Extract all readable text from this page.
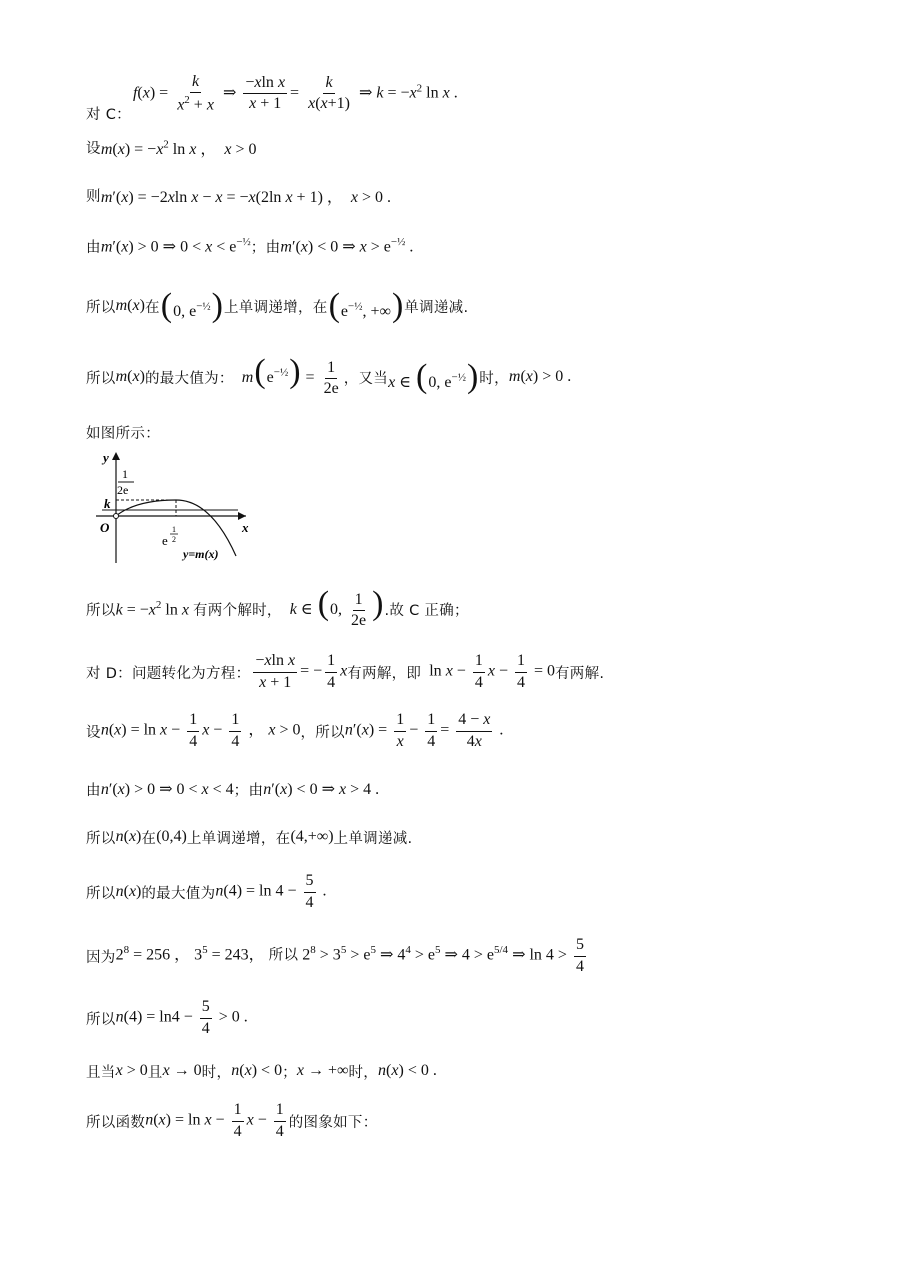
对 C：
$f(x) = \frac{k}{x^2 + x}$ ⇒ $\frac{\text{−xln x}}{x + 1} = \frac{k}{x(x+1)}$ ⇒ $k = -x^2$ ln x .
设 $m(x) = -x^2$ ln x ，  x > 0
则 m′(x) = −2xln x − x = −x(2ln x + 1) ，  x > 0 .
由 m′(x) > 0 ⇒ $0 < x < e^{-\frac{1}{2}}$ ；由 m′(x) < 0 ⇒ $x > e^{-\frac{1}{2}}$ .
所以 m(x) 在 (0, $e^{-\frac{1}{2}}$) 上单调递增，在 ($e^{-\frac{1}{2}}$, +∞) 单调递减.
所以 m(x) 的最大值为： $m(e^{-\frac{1}{2}}) = \frac{1}{2e}$ ，又当 x ∈ (0, $e^{-\frac{1}{2}}$) 时， m(x) > 0 .
如图所示：
y
x
O
k
1
2e
e
1
2
y=m(x)
所以 $k = -x^2$ ln x 有两个解时， k ∈ (0, $\frac{1}{2e}$ ) .故 C 正确；
对 D：问题转化为方程： $\frac{\text{−xln x}}{x + 1}$ = − $\frac{1}{4}$ x 有两解，即 $\ln x - \frac{1}{4}$ $x - \frac{1}{4} = 0$ 有两解.
设 $n(x) = \ln x - \frac{1}{4}$ $x - \frac{1}{4}$ ， x > 0 ，所以 $n'(x) = \frac{1}{x} - \frac{1}{4} = \frac{4 - x}{4x}$ .
由 n′(x) > 0 ⇒ 0 < x < 4 ；由 n′(x) < 0 ⇒ x > 4 .
所以 n(x) 在 (0,4) 上单调递增，在 (4,+∞) 上单调递减.
所以 n(x) 的最大值为 $n(4) = \ln 4 - \frac{5}{4}$ .
因为 $2^8 = 256$ ， $3^5 = 243$， 所以 $2^8 > 3^5 > e^5$ ⇒ $4^4 > e^5$ ⇒ $4 > e^{5/4}$ ⇒ $\ln 4 > \frac{5}{4}$
所以 $n(4) = \ln 4 - \frac{5}{4} > 0$ .
且当 x > 0 且 x → 0 时， n(x) < 0 ； x → +∞ 时， n(x) < 0 .
所以函数 $n(x) = \ln x - \frac{1}{4}$ $x - \frac{1}{4}$ 的图象如下：
